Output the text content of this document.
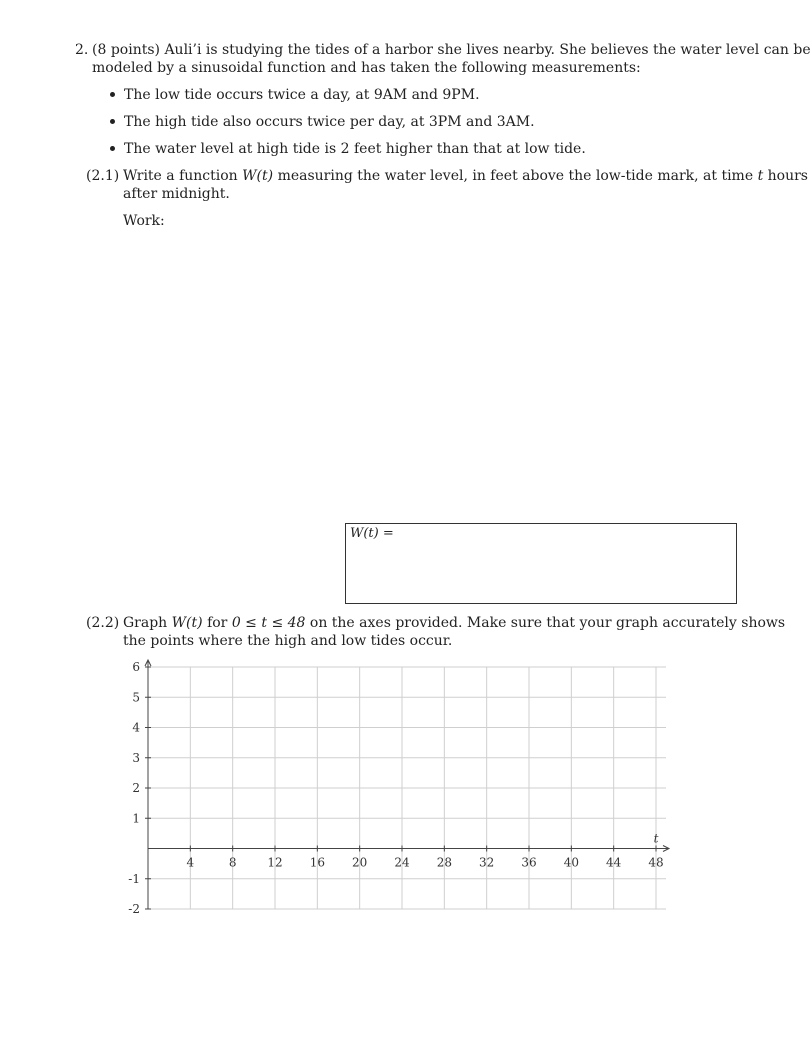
2. (8 points) Auli’i is studying the tides of a harbor she lives nearby. She believes the water level can be
modeled by a sinusoidal function and has taken the following measurements:
The low tide occurs twice a day, at 9AM and 9PM.
The high tide also occurs twice per day, at 3PM and 3AM.
The water level at high tide is 2 feet higher than that at low tide.
(2.1) Write a function W(t) measuring the water level, in feet above the low-tide mark, at time t hours
after midnight.
Work:
W(t) =
(2.2) Graph W(t) for 0 ≤ t ≤ 48 on the axes provided. Make sure that your graph accurately shows
the points where the high and low tides occur.
4	8	12 16 20 24 28 32 36 40 44 48
6
5
4
3
2
1
-1
-2
t
